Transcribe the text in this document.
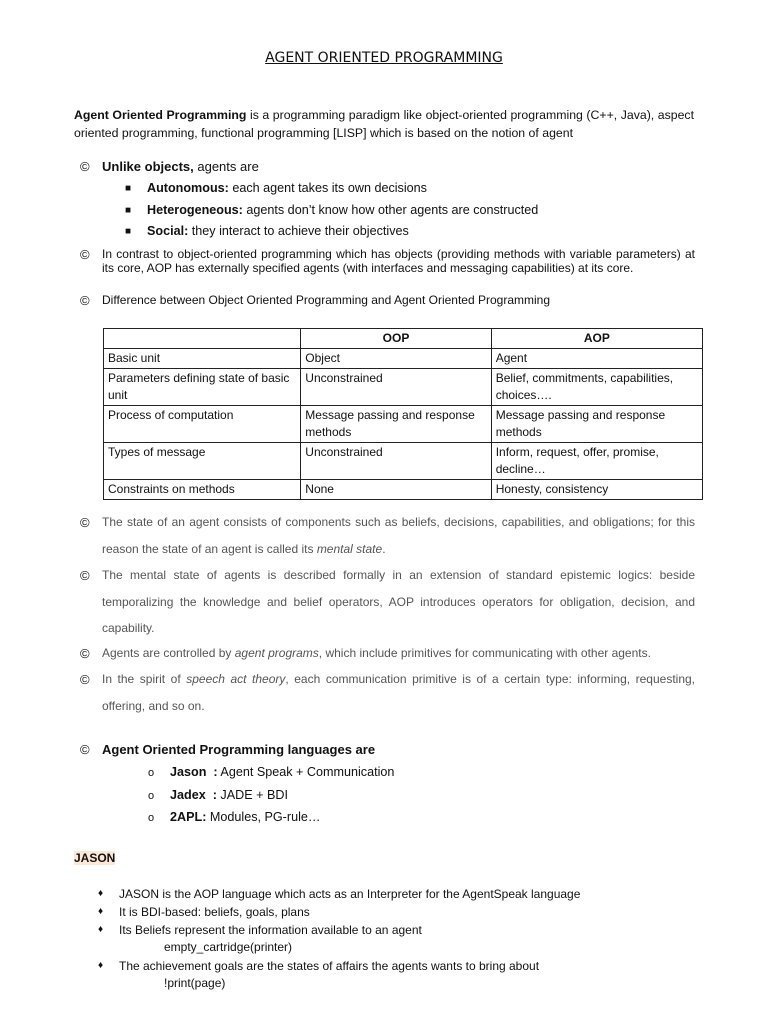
AGENT ORIENTED PROGRAMMING
Agent Oriented Programming is a programming paradigm like object-oriented programming (C++, Java), aspect oriented programming, functional programming [LISP] which is based on the notion of agent
© Unlike objects, agents are
■ Autonomous: each agent takes its own decisions
■ Heterogeneous: agents don’t know how other agents are constructed
■ Social: they interact to achieve their objectives
© In contrast to object-oriented programming which has objects (providing methods with variable parameters) at its core, AOP has externally specified agents (with interfaces and messaging capabilities) at its core.
© Difference between Object Oriented Programming and Agent Oriented Programming
	OOP	AOP
Basic unit	Object	Agent
Parameters defining state of basic unit	Unconstrained	Belief, commitments, capabilities, choices….
Process of computation	Message passing and response methods	Message passing and response methods
Types of message	Unconstrained	Inform, request, offer, promise, decline…
Constraints on methods	None	Honesty, consistency
© The state of an agent consists of components such as beliefs, decisions, capabilities, and obligations; for this reason the state of an agent is called its mental state.
© The mental state of agents is described formally in an extension of standard epistemic logics: beside temporalizing the knowledge and belief operators, AOP introduces operators for obligation, decision, and capability.
© Agents are controlled by agent programs, which include primitives for communicating with other agents.
© In the spirit of speech act theory, each communication primitive is of a certain type: informing, requesting, offering, and so on.
© Agent Oriented Programming languages are
o Jason  : Agent Speak + Communication
o Jadex  : JADE + BDI
o 2APL: Modules, PG-rule…
JASON
♦ JASON is the AOP language which acts as an Interpreter for the AgentSpeak language
♦ It is BDI-based: beliefs, goals, plans
♦ Its Beliefs represent the information available to an agent
empty_cartridge(printer)
♦ The achievement goals are the states of affairs the agents wants to bring about
!print(page)
